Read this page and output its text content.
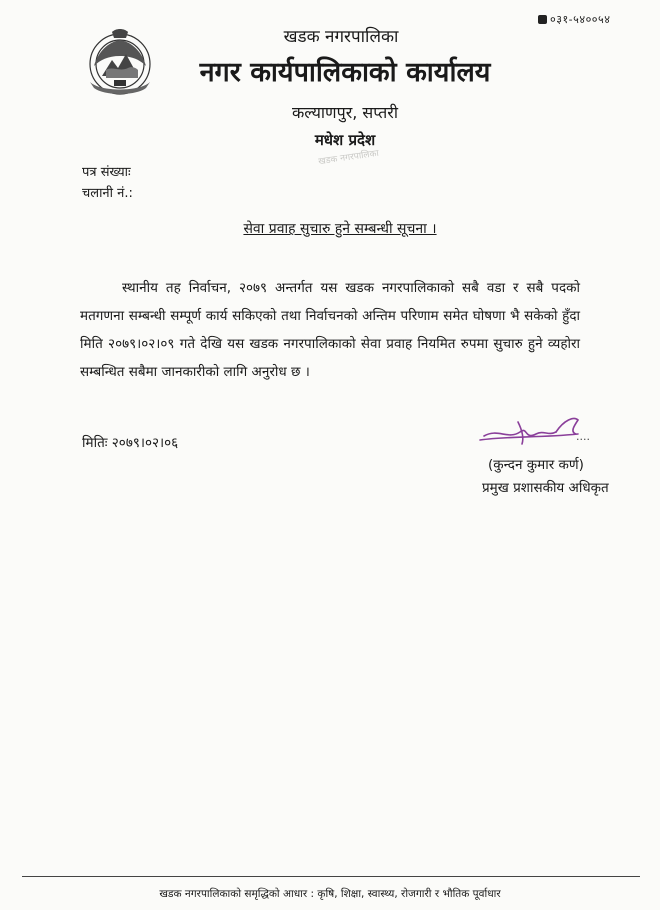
०३१-५४००५४
खडक नगरपालिका
नगर कार्यपालिकाको कार्यालय
कल्याणपुर, सप्तरी
मधेश प्रदेश
खडक नगरपालिका
पत्र संख्याः
चलानी नं.:
सेवा प्रवाह सुचारु हुने सम्बन्धी सूचना ।

स्थानीय तह निर्वाचन, २०७९ अन्तर्गत यस खडक नगरपालिकाको सबै वडा र सबै पदको मतगणना सम्बन्धी सम्पूर्ण कार्य सकिएको तथा निर्वाचनको अन्तिम परिणाम समेत घोषणा भै सकेको हुँदा मिति २०७९।०२।०९ गते देखि यस खडक नगरपालिकाको सेवा प्रवाह नियमित रुपमा सुचारु हुने व्यहोरा सम्बन्धित सबैमा जानकारीको लागि अनुरोध छ ।

मितिः २०७९।०२।०६	....
(कुन्दन कुमार कर्ण)
प्रमुख प्रशासकीय अधिकृत
खडक नगरपालिकाको समृद्धिको आधार : कृषि, शिक्षा, स्वास्थ्य, रोजगारी र भौतिक पूर्वाधार
